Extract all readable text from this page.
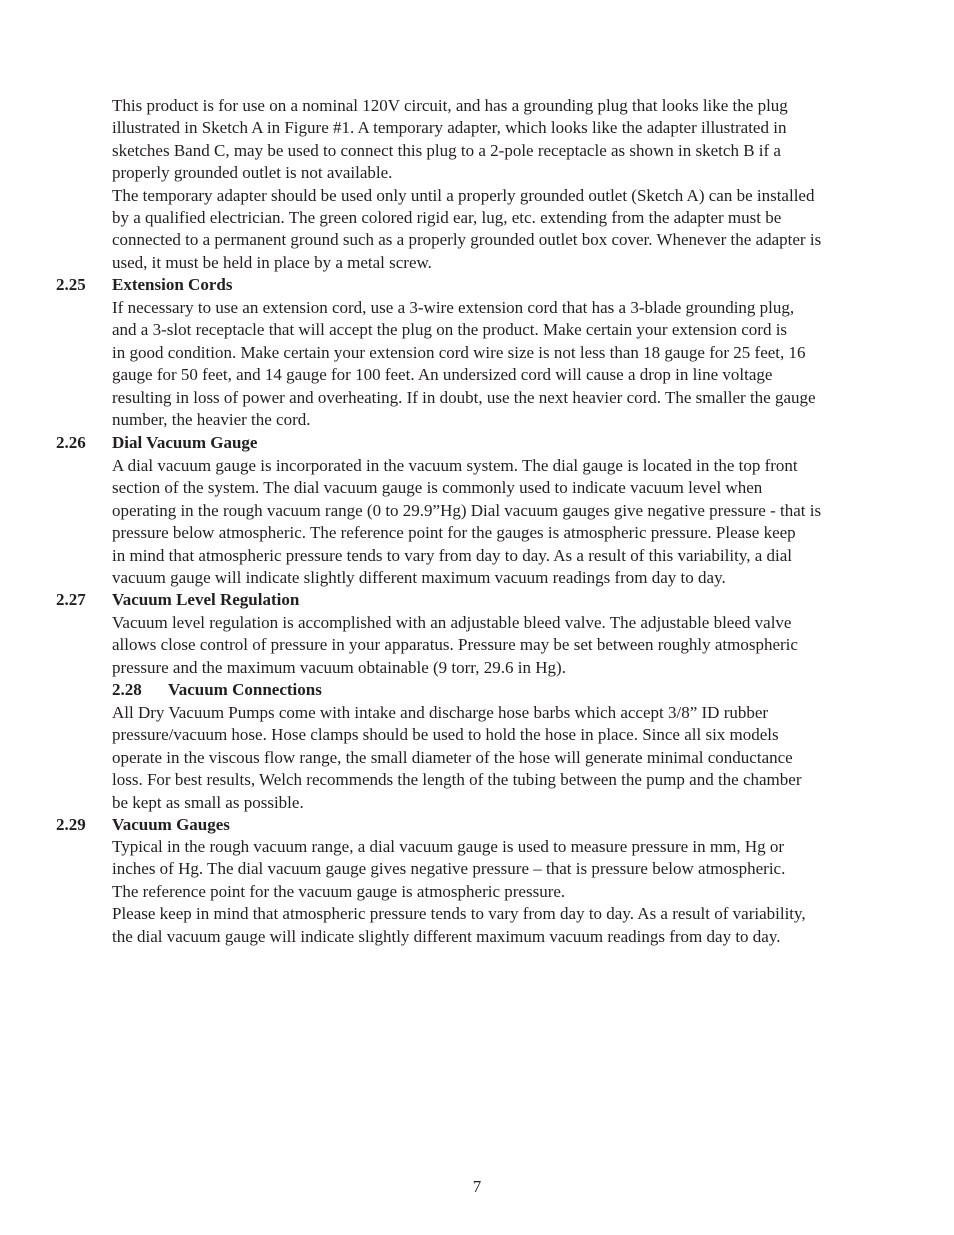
This product is for use on a nominal 120V circuit, and has a grounding plug that looks like the plug
illustrated in Sketch A in Figure #1. A temporary adapter, which looks like the adapter illustrated in
sketches Band C, may be used to connect this plug to a 2-pole receptacle as shown in sketch B if a
properly grounded outlet is not available.
The temporary adapter should be used only until a properly grounded outlet (Sketch A) can be installed
by a qualified electrician. The green colored rigid ear, lug, etc. extending from the adapter must be
connected to a permanent ground such as a properly grounded outlet box cover. Whenever the adapter is
used, it must be held in place by a metal screw.
2.25 Extension Cords
If necessary to use an extension cord, use a 3-wire extension cord that has a 3-blade grounding plug,
and a 3-slot receptacle that will accept the plug on the product. Make certain your extension cord is
in good condition. Make certain your extension cord wire size is not less than 18 gauge for 25 feet, 16
gauge for 50 feet, and 14 gauge for 100 feet. An undersized cord will cause a drop in line voltage
resulting in loss of power and overheating. If in doubt, use the next heavier cord. The smaller the gauge
number, the heavier the cord.
2.26 Dial Vacuum Gauge
A dial vacuum gauge is incorporated in the vacuum system. The dial gauge is located in the top front
section of the system. The dial vacuum gauge is commonly used to indicate vacuum level when
operating in the rough vacuum range (0 to 29.9”Hg) Dial vacuum gauges give negative pressure - that is
pressure below atmospheric. The reference point for the gauges is atmospheric pressure. Please keep
in mind that atmospheric pressure tends to vary from day to day. As a result of this variability, a dial
vacuum gauge will indicate slightly different maximum vacuum readings from day to day.
2.27 Vacuum Level Regulation
Vacuum level regulation is accomplished with an adjustable bleed valve. The adjustable bleed valve
allows close control of pressure in your apparatus. Pressure may be set between roughly atmospheric
pressure and the maximum vacuum obtainable (9 torr, 29.6 in Hg).
2.28 Vacuum Connections
All Dry Vacuum Pumps come with intake and discharge hose barbs which accept 3/8” ID rubber
pressure/vacuum hose. Hose clamps should be used to hold the hose in place. Since all six models
operate in the viscous flow range, the small diameter of the hose will generate minimal conductance
loss. For best results, Welch recommends the length of the tubing between the pump and the chamber
be kept as small as possible.
2.29 Vacuum Gauges
Typical in the rough vacuum range, a dial vacuum gauge is used to measure pressure in mm, Hg or
inches of Hg. The dial vacuum gauge gives negative pressure – that is pressure below atmospheric.
The reference point for the vacuum gauge is atmospheric pressure.
Please keep in mind that atmospheric pressure tends to vary from day to day. As a result of variability,
the dial vacuum gauge will indicate slightly different maximum vacuum readings from day to day.
7
